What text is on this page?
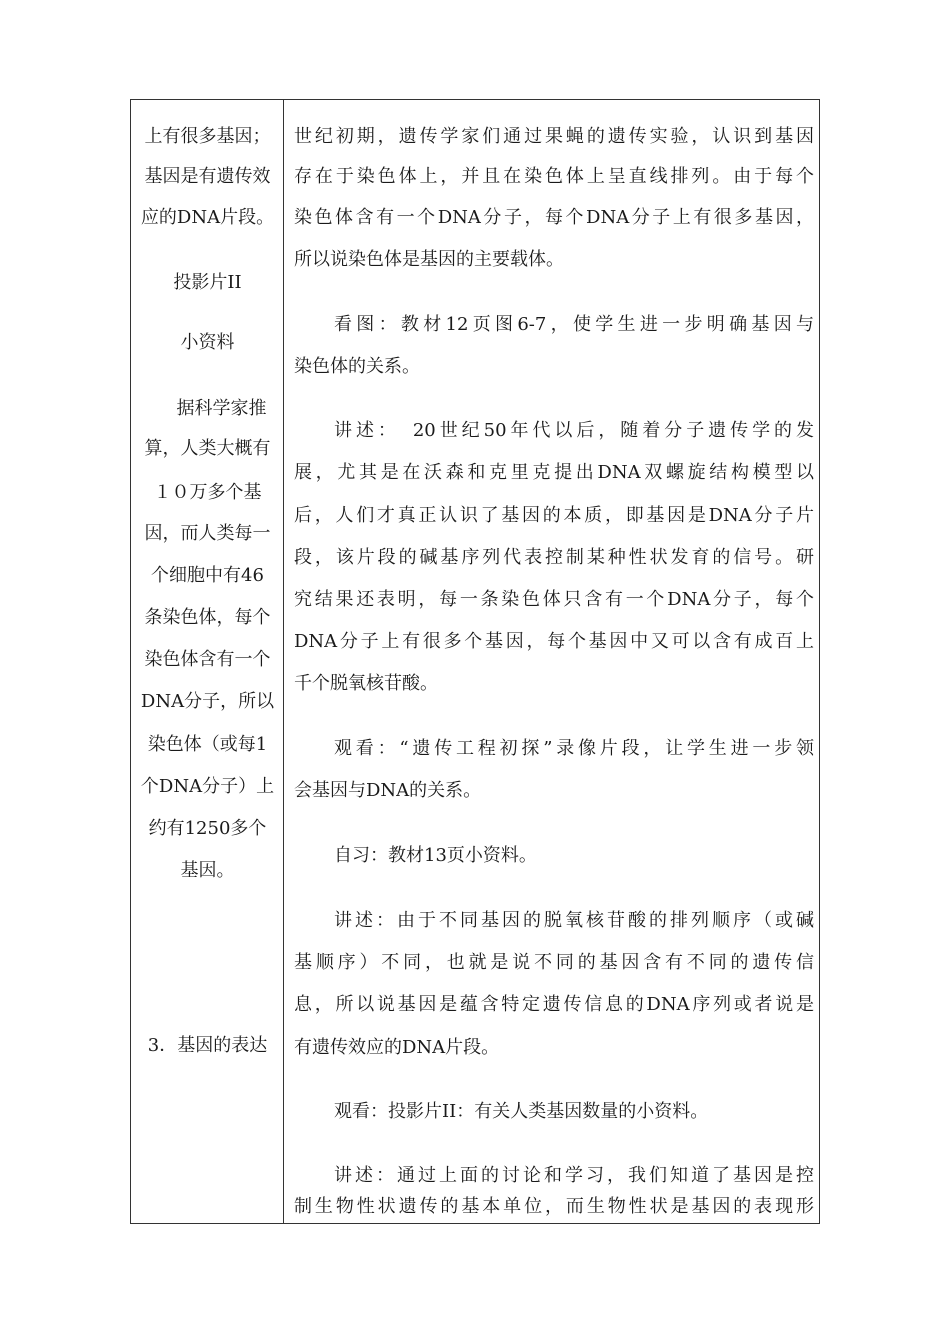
上有很多基因；
基因是有遗传效
应的DNA片段。
投影片II
小资料
据科学家推
算，人类大概有
１０万多个基
因，而人类每一
个细胞中有46
条染色体，每个
染色体含有一个
DNA分子，所以
染色体（或每1
个DNA分子）上
约有1250多个
基因。
3．基因的表达
世纪初期，遗传学家们通过果蝇的遗传实验，认识到基因
存在于染色体上，并且在染色体上呈直线排列。由于每个
染色体含有一个DNA分子，每个DNA分子上有很多基因，
所以说染色体是基因的主要载体。
看图：教材12页图6-7，使学生进一步明确基因与
染色体的关系。
讲述：　20世纪50年代以后，随着分子遗传学的发
展，尤其是在沃森和克里克提出DNA双螺旋结构模型以
后，人们才真正认识了基因的本质，即基因是DNA分子片
段，该片段的碱基序列代表控制某种性状发育的信号。研
究结果还表明，每一条染色体只含有一个DNA分子，每个
DNA分子上有很多个基因，每个基因中又可以含有成百上
千个脱氧核苷酸。
观看：“遗传工程初探”录像片段，让学生进一步领
会基因与DNA的关系。
自习：教材13页小资料。
讲述：由于不同基因的脱氧核苷酸的排列顺序（或碱
基顺序）不同，也就是说不同的基因含有不同的遗传信
息，所以说基因是蕴含特定遗传信息的DNA序列或者说是
有遗传效应的DNA片段。
观看：投影片II：有关人类基因数量的小资料。
讲述：通过上面的讨论和学习，我们知道了基因是控
制生物性状遗传的基本单位，而生物性状是基因的表现形
